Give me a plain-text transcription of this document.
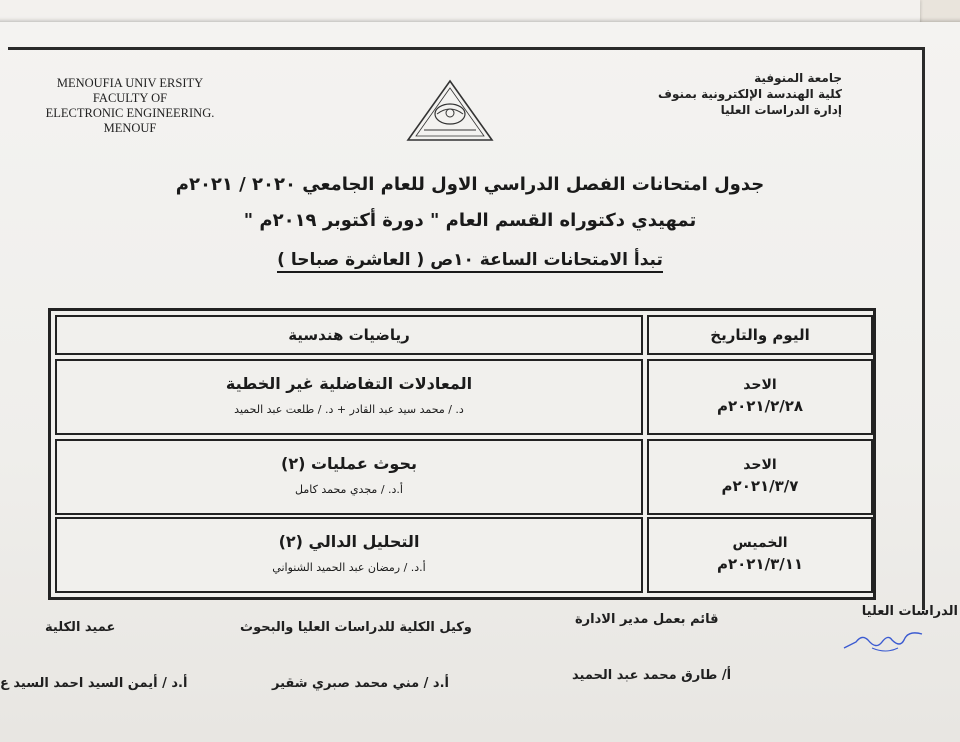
MENOUFIA UNIV ERSITY
FACULTY OF
ELECTRONIC ENGINEERING.
MENOUF
جامعة المنوفية
كلية الهندسة الإلكترونية بمنوف
إدارة الدراسات العليا
جدول امتحانات الفصل الدراسي الاول للعام الجامعي ٢٠٢٠ / ٢٠٢١م
تمهيدي دكتوراه القسم العام " دورة أكتوبر ٢٠١٩م "
تبدأ الامتحانات الساعة ١٠ص ( العاشرة صباحا )
رياضيات هندسية	اليوم والتاريخ
المعادلات التفاضلية غير الخطية
د. / محمد سيد عبد القادر + د. / طلعت عبد الحميد
الاحد
٢٠٢١/٢/٢٨م
بحوث عمليات (٢)
أ.د. / مجدي محمد كامل
الاحد
٢٠٢١/٣/٧م
التحليل الدالي (٢)
أ.د. / رمضان عبد الحميد الشنواني
الخميس
٢٠٢١/٣/١١م
الدراسات العليا
قائم بعمل مدير الادارة
وكيل الكلية للدراسات العليا والبحوث
عميد الكلية
أ/ طارق محمد عبد الحميد
أ.د / مني محمد صبري شقير
أ.د / أيمن السيد احمد السيد ع
